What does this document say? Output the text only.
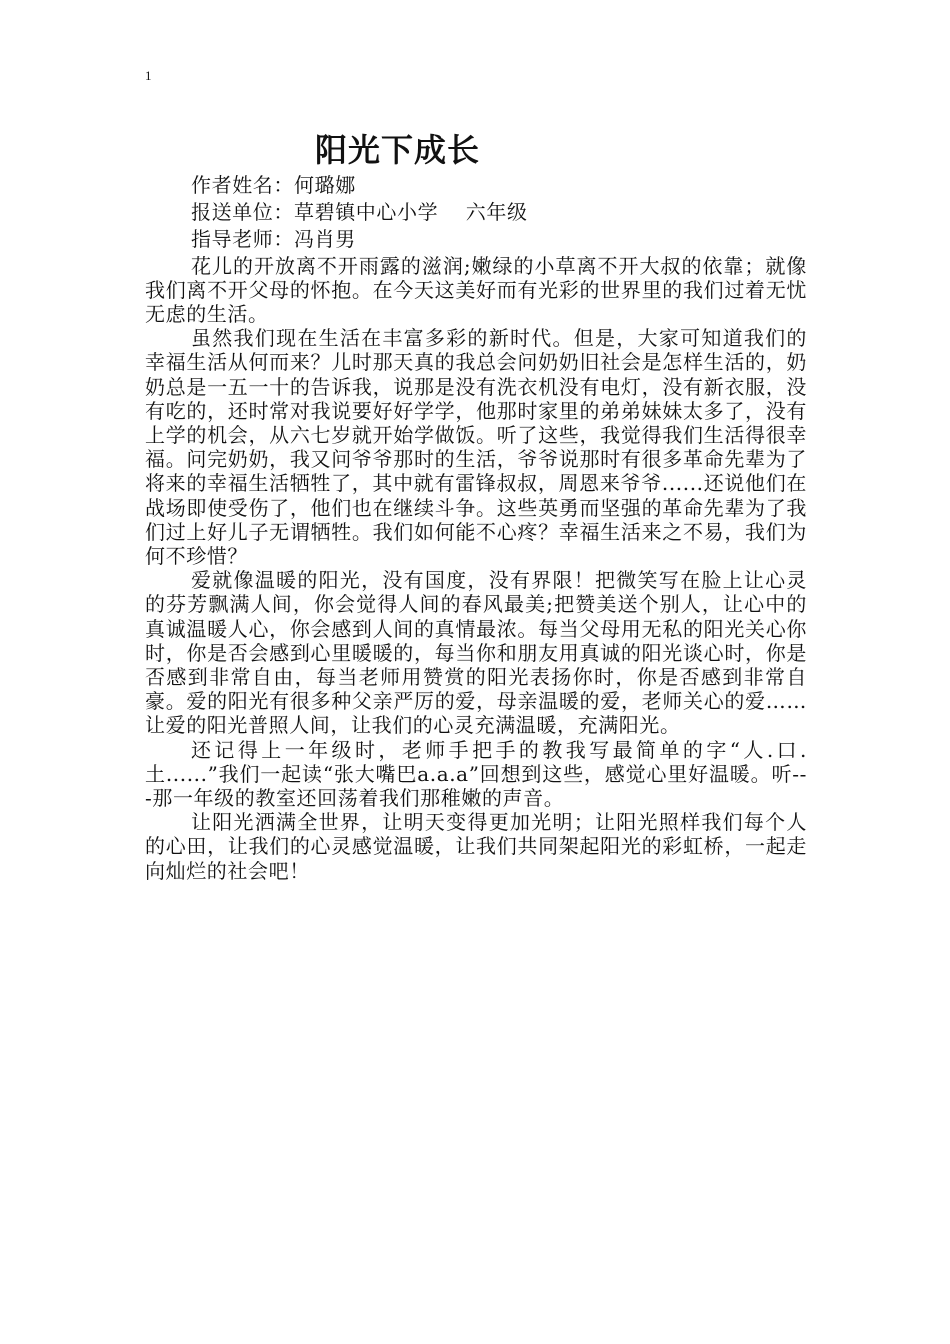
1
阳光下成长

作者姓名：何璐娜

报送单位：草碧镇中心小学　 六年级

指导老师：冯肖男

花儿的开放离不开雨露的滋润;嫩绿的小草离不开大叔的依靠；就像我们离不开父母的怀抱。在今天这美好而有光彩的世界里的我们过着无忧无虑的生活。

虽然我们现在生活在丰富多彩的新时代。但是，大家可知道我们的幸福生活从何而来？儿时那天真的我总会问奶奶旧社会是怎样生活的，奶奶总是一五一十的告诉我，说那是没有洗衣机没有电灯，没有新衣服，没有吃的，还时常对我说要好好学学，他那时家里的弟弟妹妹太多了，没有上学的机会，从六七岁就开始学做饭。听了这些，我觉得我们生活得很幸福。问完奶奶，我又问爷爷那时的生活，爷爷说那时有很多革命先辈为了将来的幸福生活牺牲了，其中就有雷锋叔叔，周恩来爷爷......还说他们在战场即使受伤了，他们也在继续斗争。这些英勇而坚强的革命先辈为了我们过上好儿子无谓牺牲。我们如何能不心疼？幸福生活来之不易，我们为何不珍惜？

爱就像温暖的阳光，没有国度，没有界限！把微笑写在脸上让心灵的芬芳飘满人间，你会觉得人间的春风最美;把赞美送个别人，让心中的真诚温暖人心，你会感到人间的真情最浓。每当父母用无私的阳光关心你时，你是否会感到心里暖暖的，每当你和朋友用真诚的阳光谈心时，你是否感到非常自由，每当老师用赞赏的阳光表扬你时，你是否感到非常自豪。爱的阳光有很多种父亲严厉的爱，母亲温暖的爱，老师关心的爱…… 让爱的阳光普照人间，让我们的心灵充满温暖，充满阳光。

还记得上一年级时，老师手把手的教我写最简单的字“人.口.土......”我们一起读“张大嘴巴a.a.a”回想到这些，感觉心里好温暖。听---那一年级的教室还回荡着我们那稚嫩的声音。

让阳光洒满全世界，让明天变得更加光明；让阳光照样我们每个人的心田，让我们的心灵感觉温暖，让我们共同架起阳光的彩虹桥，一起走向灿烂的社会吧！
